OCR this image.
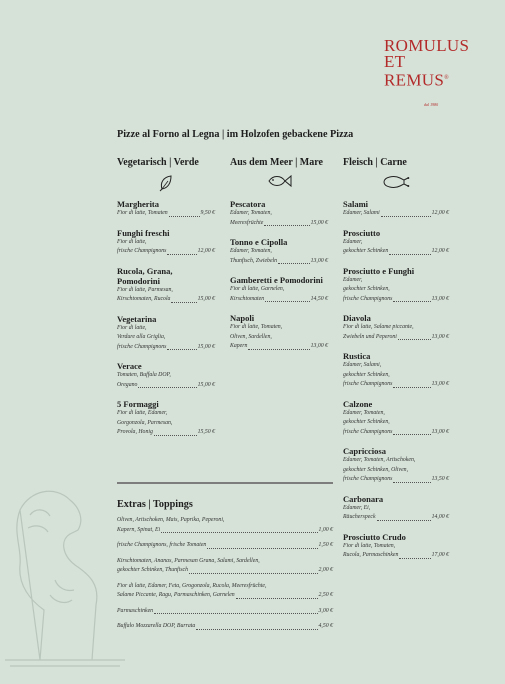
ROMULUS
ET
REMUS®
dal 1980
Pizze al Forno al Legna | im Holzofen gebackene Pizza
Vegetarisch | Verde
Margherita
Fior di latte, Tomaten	9,50 €
Funghi freschi
Fior di latte,
frische Champignons	12,00 €
Rucola, Grana,
Pomodorini
Fior di latte, Parmesan,
Kirschtomaten, Rucola	15,00 €
Vegetarina
Fior di latte,
Verdure alla Griglia,
frische Champignons	15,00 €
Verace
Tomaten, Buffala DOP,
Oregano	15,00 €
5 Formaggi
Fior di latte, Edamer,
Gorgonzola, Parmesan,
Provola, Honig	15,50 €
Aus dem Meer | Mare
Pescatora
Edamer, Tomaten,
Meeresfrüchte	15,00 €
Tonno e Cipolla
Edamer, Tomaten,
Thunfisch, Zwiebeln	13,00 €
Gamberetti e Pomodorini
Fior di latte, Garnelen,
Kirschtomaten	14,50 €
Napoli
Fior di latte, Tomaten,
Oliven, Sardellen,
Kapern	13,00 €
Fleisch | Carne
Salami
Edamer, Salami	12,00 €
Prosciutto
Edamer,
gekochter Schinken	12,00 €
Prosciutto e Funghi
Edamer,
gekochter Schinken,
frische Champignons	13,00 €
Diavola
Fior di latte, Salame piccante,
Zwiebeln und Peperoni	13,00 €
Rustica
Edamer, Salami,
gekochter Schinken,
frische Champignons	13,00 €
Calzone
Edamer, Tomaten,
gekochter Schinken,
frische Champignons	13,00 €
Capricciosa
Edamer, Tomaten, Artischoken,
gekochter Schinken, Oliven,
frische Champignons	13,50 €
Carbonara
Edamer, Ei,
Räucherspeck	14,00 €
Prosciutto Crudo
Fior di latte, Tomaten,
Rucola, Parmaschinken	17,00 €
Extras | Toppings
Oliven, Artischoken, Mais, Paprika, Peperoni,
Kapern, Spinat, Ei	1,00 €
frische Champignons, frische Tomaten	1,50 €
Kirschtomaten, Ananas, Parmesan Grana, Salami, Sardellen,
gekochter Schinken, Thunfisch	2,00 €
Fior di latte, Edamer, Feta, Grogonzola, Rucola, Meeresfrüchte,
Salame Piccante, Ragu, Parmaschinken, Garnelen	2,50 €
Parmaschinken	3,00 €
Buffalo Mozzarella DOP, Burrata	4,50 €
